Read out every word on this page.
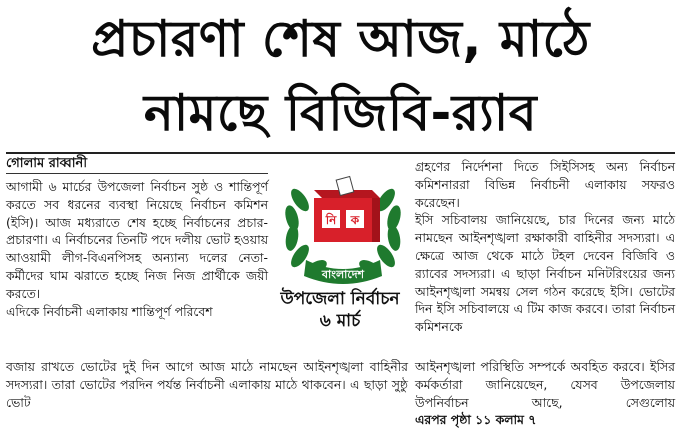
প্রচারণা শেষ আজ, মাঠে
নামছে বিজিবি-র‍্যাব
গোলাম রাব্বানী

আগামী ৬ মার্চের উপজেলা নির্বাচন সুষ্ঠ ও শান্তিপূর্ণ করতে সব ধরনের ব্যবস্থা নিয়েছে নির্বাচন কমিশন (ইসি)। আজ মধ্যরাতে শেষ হচ্ছে নির্বাচনের প্রচার-প্রচারণা। এ নির্বাচনের তিনটি পদে দলীয় ভোট হওয়ায় আওয়ামী লীগ-বিএনপিসহ অন্যান্য দলের নেতা-কর্মীদের ঘাম ঝরাতে হচ্ছে নিজ নিজ প্রার্থীকে জয়ী করতে।

এদিকে নির্বাচনী এলাকায় শান্তিপূর্ণ পরিবেশ

নি ক
বাংলাদেশ
উপজেলা নির্বাচন
৬ মার্চ

গ্রহণের নির্দেশনা দিতে সিইসিসহ অন্য নির্বাচন কমিশনাররা বিভিন্ন নির্বাচনী এলাকায় সফরও করেছেন।

ইসি সচিবালয় জানিয়েছে, চার দিনের জন্য মাঠে নামছেন আইনশৃঙ্খলা রক্ষাকারী বাহিনীর সদস্যরা। এ ক্ষেত্রে আজ থেকে মাঠে টহল দেবেন বিজিবি ও র‍্যাবের সদস্যরা। এ ছাড়া নির্বাচন মনিটরিংয়ের জন্য আইনশৃঙ্খলা সমন্বয় সেল গঠন করেছে ইসি। ভোটের দিন ইসি সচিবালয়ে এ টিম কাজ করবে। তারা নির্বাচন কমিশনকে

বজায় রাখতে ভোটের দুই দিন আগে আজ মাঠে নামছেন আইনশৃঙ্খলা বাহিনীর সদস্যরা। তারা ভোটের পরদিন পর্যন্ত নির্বাচনী এলাকায় মাঠে থাকবেন। এ ছাড়া সুষ্ঠু ভোট
আইনশৃঙ্খলা পরিস্থিতি সম্পর্কে অবহিত করবে। ইসির কর্মকর্তারা জানিয়েছেন, যেসব উপজেলায় উপনির্বাচন আছে, সেগুলোয় এরপর পৃষ্ঠা ১১ কলাম ৭
